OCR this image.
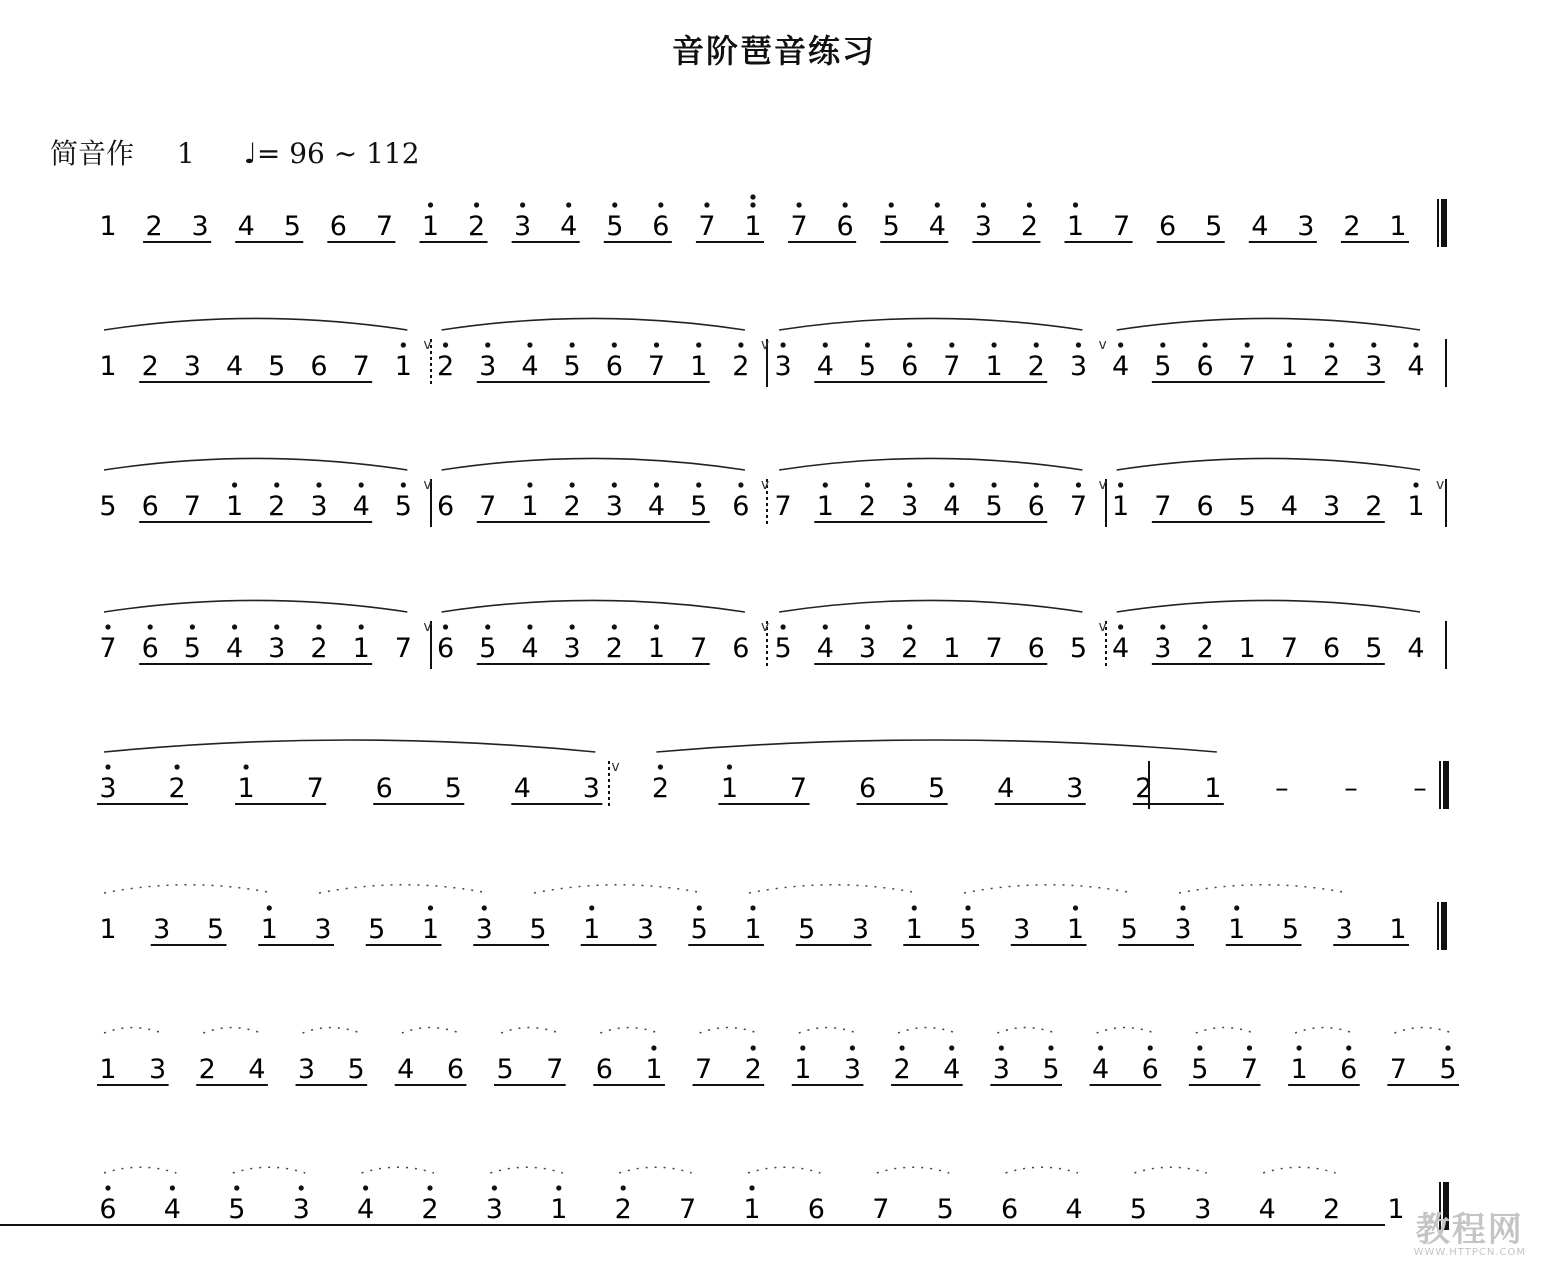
音阶琶音练习
简音作 1 ♩= 96 ~ 112
1 2 3 4 5 6 7 1 2 3 4 5 6 7 1 7 6 5 4 3 2 1 7 6 5 4 3 2 1
1 2 3 4 5 6 7 1 2 3 4 5 6 7 1 2 3 4 5 6 7 1 2 3 4 5 6 7 1 2 3 4
v	v	v
5 6 7 1 2 3 4 5 6 7 1 2 3 4 5 6 7 1 2 3 4 5 6 7 1 7 6 5 4 3 2 1
v	v	v	v
7 6 5 4 3 2 1 7 6 5 4 3 2 1 7 6 5 4 3 2 1 7 6 5 4 3 2 1 7 6 5 4
v	v	v
3 2 1 7 6 5 4 3 2 1 7 6 5 4 3 2 1 – – –
v
1 3 5 1 3 5 1 3 5 1 3 5 1 5 3 1 5 3 1 5 3 1 5 3 1
1 3 2 4 3 5 4 6 5 7 6 1 7 2 1 3 2 4 3 5 4 6 5 7 1 6 7 5
6 4 5 3 4 2 3 1 2 7 1 6 7 5 6 4 5 3 4 2 1
教程网
WWW.HTTPCN.COM
